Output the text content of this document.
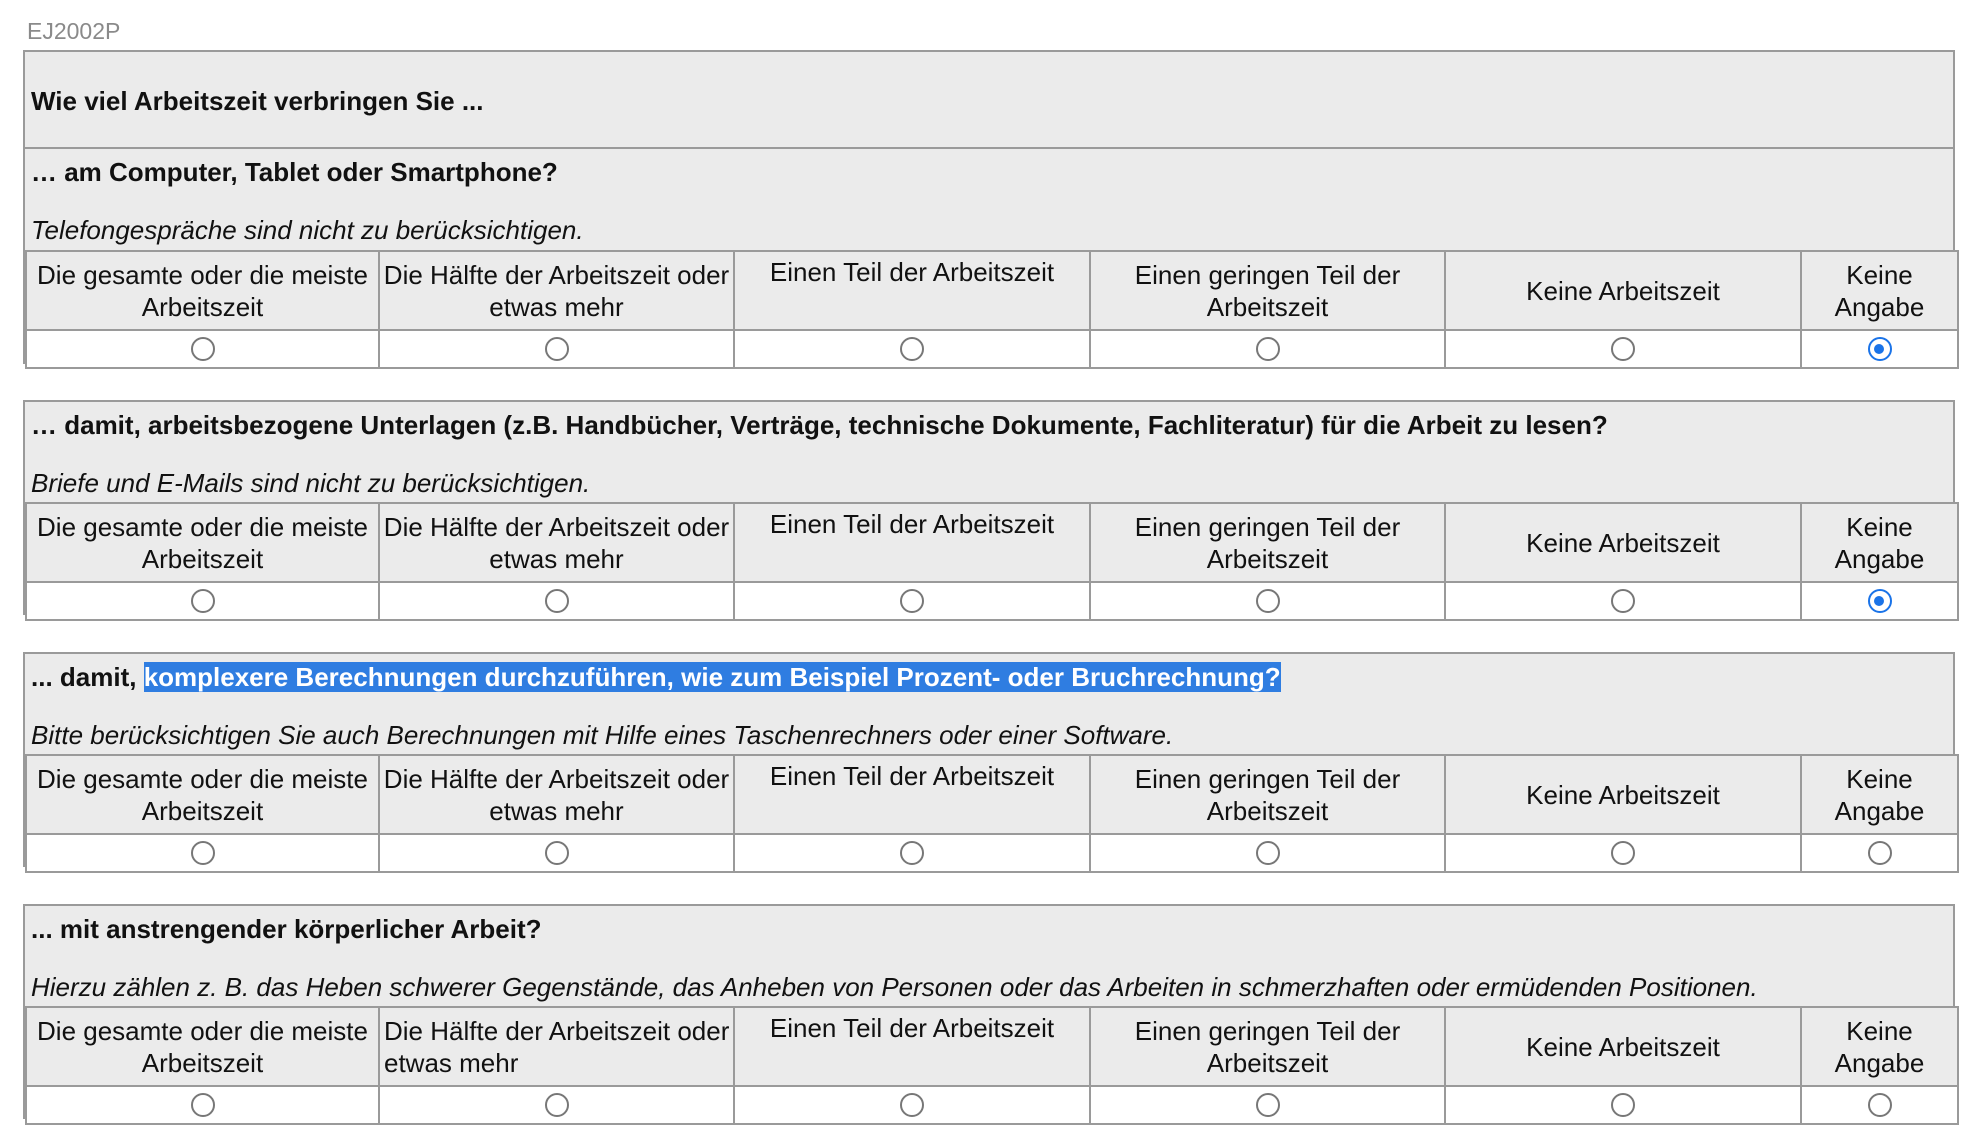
EJ2002P
Wie viel Arbeitszeit verbringen Sie ...
… am Computer, Tablet oder Smartphone?
Telefongespräche sind nicht zu berücksichtigen.
Die gesamte oder die meiste Arbeitszeit	Die Hälfte der Arbeitszeit oder etwas mehr	Einen Teil der Arbeitszeit	Einen geringen Teil der Arbeitszeit	Keine Arbeitszeit	Keine Angabe

… damit, arbeitsbezogene Unterlagen (z.B. Handbücher, Verträge, technische Dokumente, Fachliteratur) für die Arbeit zu lesen?
Briefe und E-Mails sind nicht zu berücksichtigen.
Die gesamte oder die meiste Arbeitszeit	Die Hälfte der Arbeitszeit oder etwas mehr	Einen Teil der Arbeitszeit	Einen geringen Teil der Arbeitszeit	Keine Arbeitszeit	Keine Angabe

... damit, komplexere Berechnungen durchzuführen, wie zum Beispiel Prozent- oder Bruchrechnung?
Bitte berücksichtigen Sie auch Berechnungen mit Hilfe eines Taschenrechners oder einer Software.
Die gesamte oder die meiste Arbeitszeit	Die Hälfte der Arbeitszeit oder etwas mehr	Einen Teil der Arbeitszeit	Einen geringen Teil der Arbeitszeit	Keine Arbeitszeit	Keine Angabe

... mit anstrengender körperlicher Arbeit?
Hierzu zählen z. B. das Heben schwerer Gegenstände, das Anheben von Personen oder das Arbeiten in schmerzhaften oder ermüdenden Positionen.
Die gesamte oder die meiste Arbeitszeit	Die Hälfte der Arbeitszeit oder etwas mehr	Einen Teil der Arbeitszeit	Einen geringen Teil der Arbeitszeit	Keine Arbeitszeit	Keine Angabe
